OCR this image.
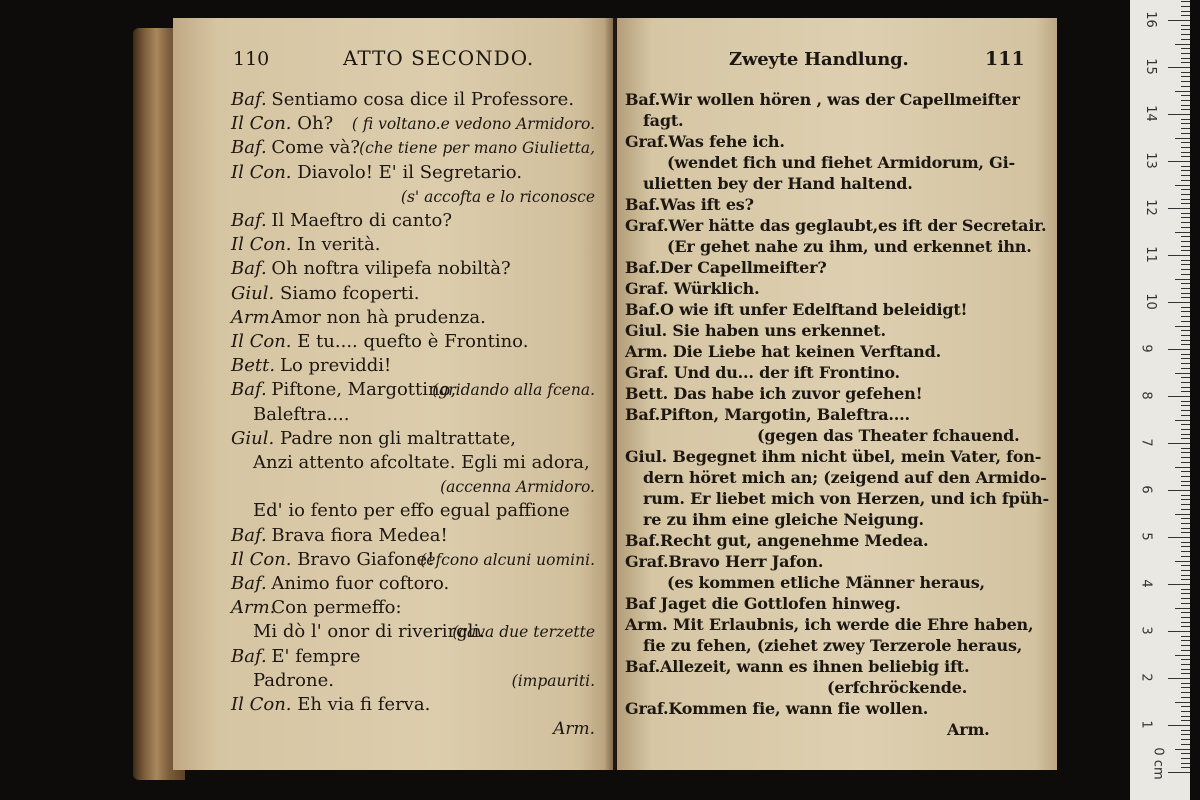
110	ATTO SECONDO.
Baf. Sentiamo cosa dice il Professore.
Il Con. Oh? ( fi voltano.e vedono Armidoro.
Baf. Come và? (che tiene per mano Giulietta,
Il Con. Diavolo! E' il Segretario.
(s' accofta e lo riconosce
Baf. Il Maeftro di canto?
Il Con. In verità.
Baf. Oh noftra vilipefa nobiltà?
Giul. Siamo fcoperti.
Arm.
Amor non hà prudenza.
Il Con. E tu.... quefto è Frontino.
Bett. Lo previddi!
Baf. Piftone, Margottino,
(gridando alla fcena.
Baleftra....
Giul. Padre non gli maltrattate,
Anzi attento afcoltate. Egli mi adora,
(accenna Armidoro.
Ed' io fento per effo egual paffione
Baf. Brava fiora Medea!
Il Con. Bravo Giafone!
(efcono alcuni uomini.
Baf. Animo fuor coftoro.
Arm.
Con permeffo:
Mi dò l' onor di riverirgli.
(cava due terzette
Baf. E' fempre
Padrone.	(impauriti.
Il Con. Eh via fi ferva.
Arm.
Zweyte Handlung.	111
Baf.Wir wollen hören , was der Capellmeifter
fagt.
Graf.Was fehe ich.
(wendet fich und fiehet Armidorum, Gi-
ulietten bey der Hand haltend.
Baf.Was ift es?
Graf.Wer hätte das geglaubt,es ift der Secretair.
(Er gehet nahe zu ihm, und erkennet ihn.
Baf.Der Capellmeifter?
Graf. Würklich.
Baf.O wie ift unfer Edelftand beleidigt!
Giul. Sie haben uns erkennet.
Arm. Die Liebe hat keinen Verftand.
Graf. Und du... der ift Frontino.
Bett. Das habe ich zuvor gefehen!
Baf.Pifton, Margotin, Baleftra....
(gegen das Theater fchauend.
Giul. Begegnet ihm nicht übel, mein Vater, fon-
dern höret mich an; (zeigend auf den Armido-
rum. Er liebet mich von Herzen, und ich fpüh-
re zu ihm eine gleiche Neigung.
Baf.Recht gut, angenehme Medea.
Graf.Bravo Herr Jafon.
(es kommen etliche Männer heraus,
Baf Jaget die Gottlofen hinweg.
Arm. Mit Erlaubnis, ich werde die Ehre haben,
fie zu fehen, (ziehet zwey Terzerole heraus,
Baf.Allezeit, wann es ihnen beliebig ift.
(erfchröckende.
Graf.Kommen fie, wann fie wollen.
Arm.	1
2
3
4
5
6
7
8
9
10
11
12
13
14
15
16
0 cm
